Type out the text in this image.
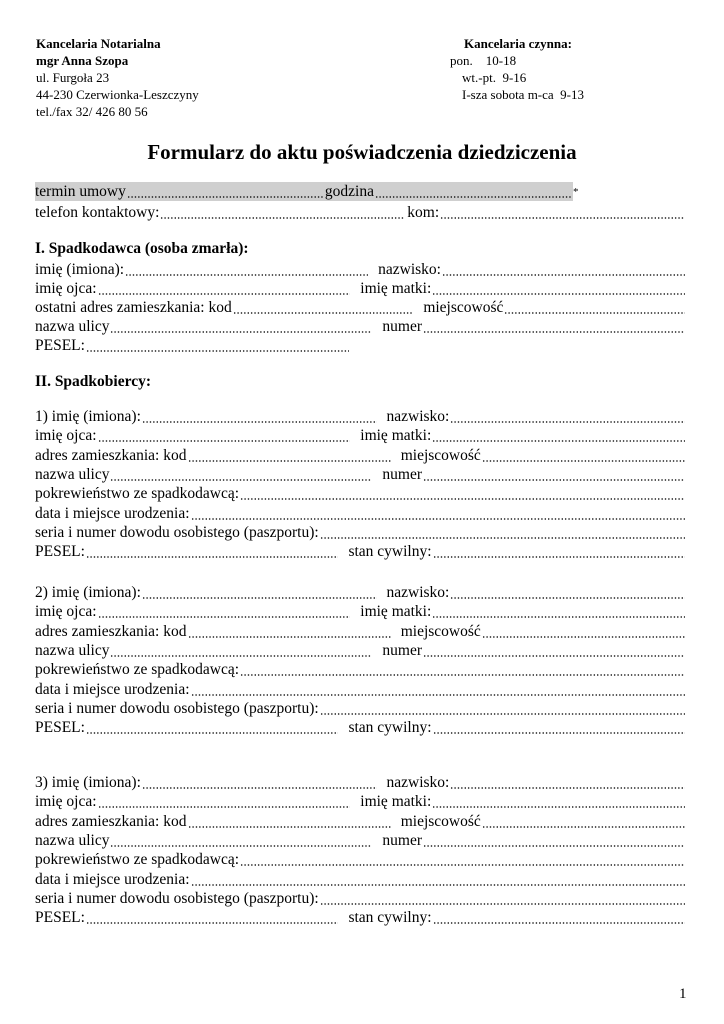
Kancelaria Notarialna
mgr Anna Szopa
ul. Furgoła 23
44-230 Czerwionka-Leszczyny
tel./fax 32/ 426 80 56
Kancelaria czynna:
pon.    10-18
wt.-pt.  9-16
I-sza sobota m-ca  9-13
Formularz do aktu poświadczenia dziedziczenia
termin umowy	godzina	*
telefon kontaktowy:	kom:
I. Spadkodawca (osoba zmarła):
imię (imiona):	nazwisko:
imię ojca:	imię matki:
ostatni adres zamieszkania: kod	miejscowość
nazwa ulicy	numer
PESEL:
II. Spadkobiercy:
1) imię (imiona):	nazwisko:
imię ojca:	imię matki:
adres zamieszkania: kod	miejscowość
nazwa ulicy	numer
pokrewieństwo ze spadkodawcą:
data i miejsce urodzenia:
seria i numer dowodu osobistego (paszportu):
PESEL:	stan cywilny:
2) imię (imiona):	nazwisko:
imię ojca:	imię matki:
adres zamieszkania: kod	miejscowość
nazwa ulicy	numer
pokrewieństwo ze spadkodawcą:
data i miejsce urodzenia:
seria i numer dowodu osobistego (paszportu):
PESEL:	stan cywilny:
3) imię (imiona):	nazwisko:
imię ojca:	imię matki:
adres zamieszkania: kod	miejscowość
nazwa ulicy	numer
pokrewieństwo ze spadkodawcą:
data i miejsce urodzenia:
seria i numer dowodu osobistego (paszportu):
PESEL:	stan cywilny:
1
